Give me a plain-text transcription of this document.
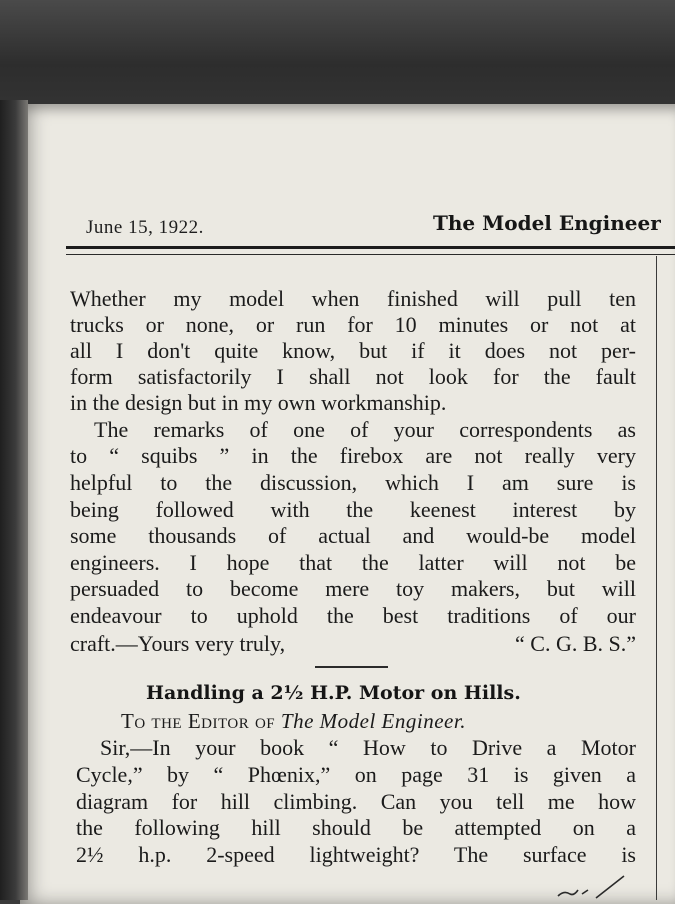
June 15, 1922.	The Model Engineer
Whether my model when finished will pull ten
trucks or none, or run for 10 minutes or not at
all I don't quite know, but if it does not per-
form satisfactorily I shall not look for the fault
in the design but in my own workmanship.
The remarks of one of your correspondents as
to “ squibs ” in the firebox are not really very
helpful to the discussion, which I am sure is
being followed with the keenest interest by
some thousands of actual and would-be model
engineers. I hope that the latter will not be
persuaded to become mere toy makers, but will
endeavour to uphold the best traditions of our
craft.—Yours very truly,	“ C. G. B. S.”
Handling a 2½ H.P. Motor on Hills.
To the Editor of The Model Engineer.
Sir,—In your book “ How to Drive a Motor
Cycle,” by “ Phœnix,” on page 31 is given a
diagram for hill climbing. Can you tell me how
the following hill should be attempted on a
2½ h.p. 2-speed lightweight? The surface is
